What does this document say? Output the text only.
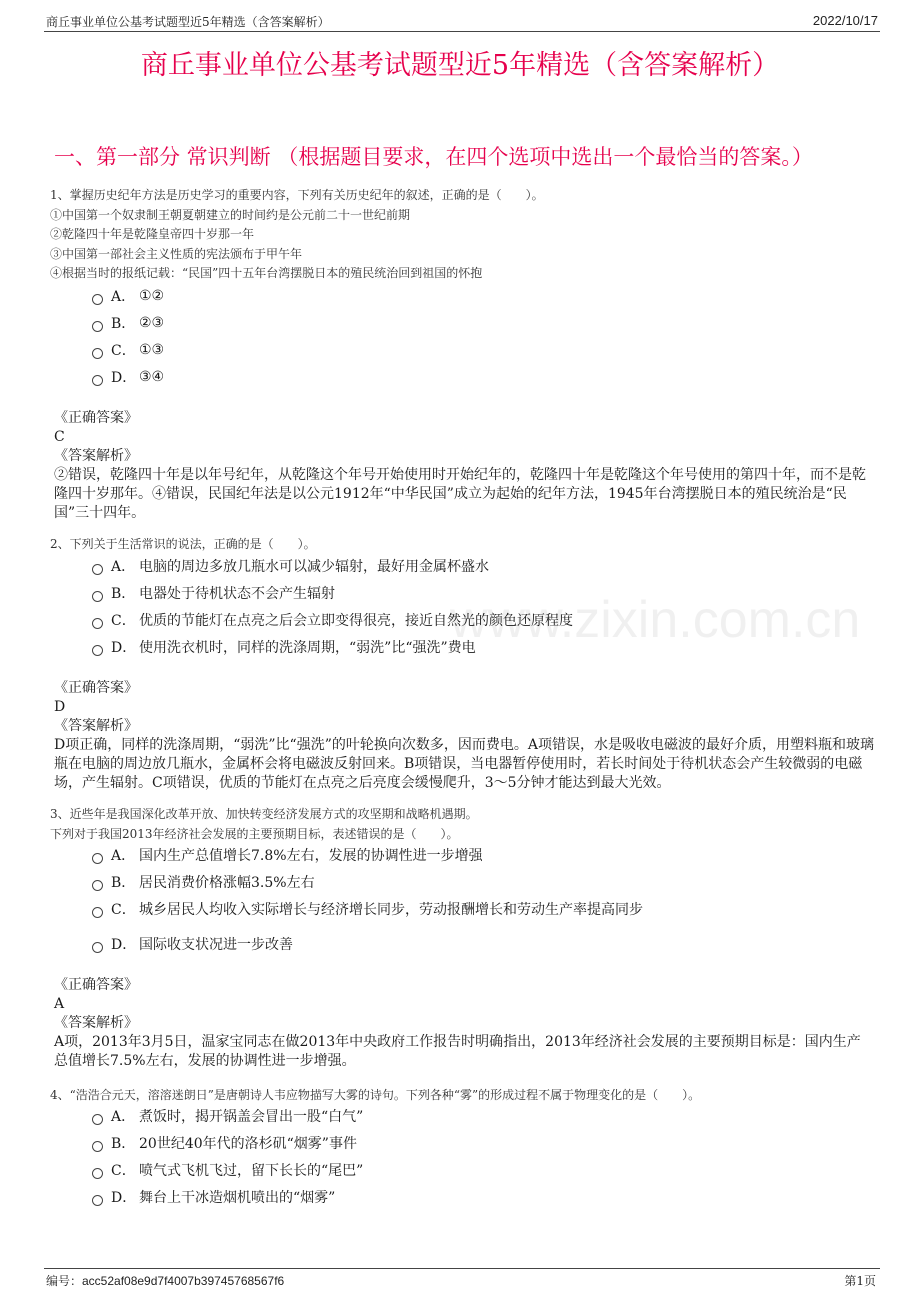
商丘事业单位公基考试题型近5年精选（含答案解析）	2022/10/17
商丘事业单位公基考试题型近5年精选（含答案解析）
一、第一部分 常识判断 （根据题目要求，在四个选项中选出一个最恰当的答案。）
www.zixin.com.cn
1、掌握历史纪年方法是历史学习的重要内容，下列有关历史纪年的叙述，正确的是（　　）。
①中国第一个奴隶制王朝夏朝建立的时间约是公元前二十一世纪前期
②乾隆四十年是乾隆皇帝四十岁那一年
③中国第一部社会主义性质的宪法颁布于甲午年
④根据当时的报纸记载：“民国”四十五年台湾摆脱日本的殖民统治回到祖国的怀抱
A． ①②
B． ②③
C． ①③
D． ③④
《正确答案》
C
《答案解析》
②错误，乾隆四十年是以年号纪年，从乾隆这个年号开始使用时开始纪年的，乾隆四十年是乾隆这个年号使用的第四十年，而不是乾隆四十岁那年。④错误，民国纪年法是以公元1912年“中华民国”成立为起始的纪年方法，1945年台湾摆脱日本的殖民统治是“民国”三十四年。
2、下列关于生活常识的说法，正确的是（　　）。
A． 电脑的周边多放几瓶水可以减少辐射，最好用金属杯盛水
B． 电器处于待机状态不会产生辐射
C． 优质的节能灯在点亮之后会立即变得很亮，接近自然光的颜色还原程度
D． 使用洗衣机时，同样的洗涤周期，“弱洗”比“强洗”费电
《正确答案》
D
《答案解析》
D项正确，同样的洗涤周期，“弱洗”比“强洗”的叶轮换向次数多，因而费电。A项错误，水是吸收电磁波的最好介质，用塑料瓶和玻璃瓶在电脑的周边放几瓶水，金属杯会将电磁波反射回来。B项错误，当电器暂停使用时，若长时间处于待机状态会产生较微弱的电磁场，产生辐射。C项错误，优质的节能灯在点亮之后亮度会缓慢爬升，3～5分钟才能达到最大光效。
3、近些年是我国深化改革开放、加快转变经济发展方式的攻坚期和战略机遇期。
下列对于我国2013年经济社会发展的主要预期目标，表述错误的是（　　）。
A． 国内生产总值增长7.8%左右，发展的协调性进一步增强
B． 居民消费价格涨幅3.5%左右
C． 城乡居民人均收入实际增长与经济增长同步，劳动报酬增长和劳动生产率提高同步
D． 国际收支状况进一步改善
《正确答案》
A
《答案解析》
A项，2013年3月5日，温家宝同志在做2013年中央政府工作报告时明确指出，2013年经济社会发展的主要预期目标是：国内生产总值增长7.5%左右，发展的协调性进一步增强。
4、“浩浩合元天，溶溶迷朗日”是唐朝诗人韦应物描写大雾的诗句。下列各种“雾”的形成过程不属于物理变化的是（　　）。
A． 煮饭时，揭开锅盖会冒出一股“白气”
B． 20世纪40年代的洛杉矶“烟雾”事件
C． 喷气式飞机飞过，留下长长的“尾巴”
D． 舞台上干冰造烟机喷出的“烟雾”
编号：acc52af08e9d7f4007b39745768567f6	第1页
